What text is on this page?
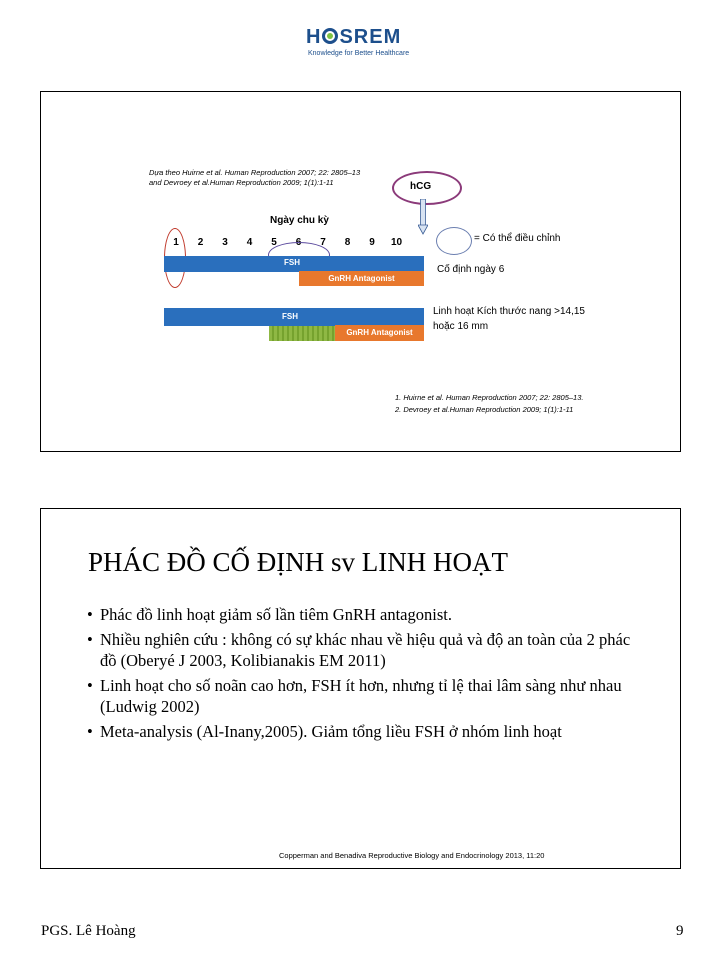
H SREM
Knowledge for Better Healthcare
Dựa theo Huirne et al. Human Reproduction 2007; 22: 2805–13
and Devroey et al.Human Reproduction 2009; 1(1):1-11	hCG
Ngày chu kỳ
1	2	3	4	5	6	7	8	9	10	= Có thể điều chỉnh
Cố định ngày 6
Linh hoạt Kích thước nang >14,15 hoặc 16 mm
FSH
GnRH Antagonist
FSH
GnRH Antagonist
1. Huirne et al. Human Reproduction 2007; 22: 2805–13.
2. Devroey et al.Human Reproduction 2009; 1(1):1-11
PHÁC ĐỒ CỐ ĐỊNH sv LINH HOẠT
• Phác đồ linh hoạt giảm số lần tiêm GnRH antagonist.
• Nhiều nghiên cứu : không có sự khác nhau về hiệu quả và độ an toàn của 2 phác đồ (Oberyé J 2003, Kolibianakis EM 2011)
• Linh hoạt cho số noãn cao hơn, FSH ít hơn, nhưng tỉ lệ thai lâm sàng như nhau (Ludwig 2002)
• Meta-analysis (Al-Inany,2005). Giảm tổng liều FSH ở nhóm linh hoạt
Copperman and Benadiva Reproductive Biology and Endocrinology 2013, 11:20
PGS. Lê Hoàng	9
